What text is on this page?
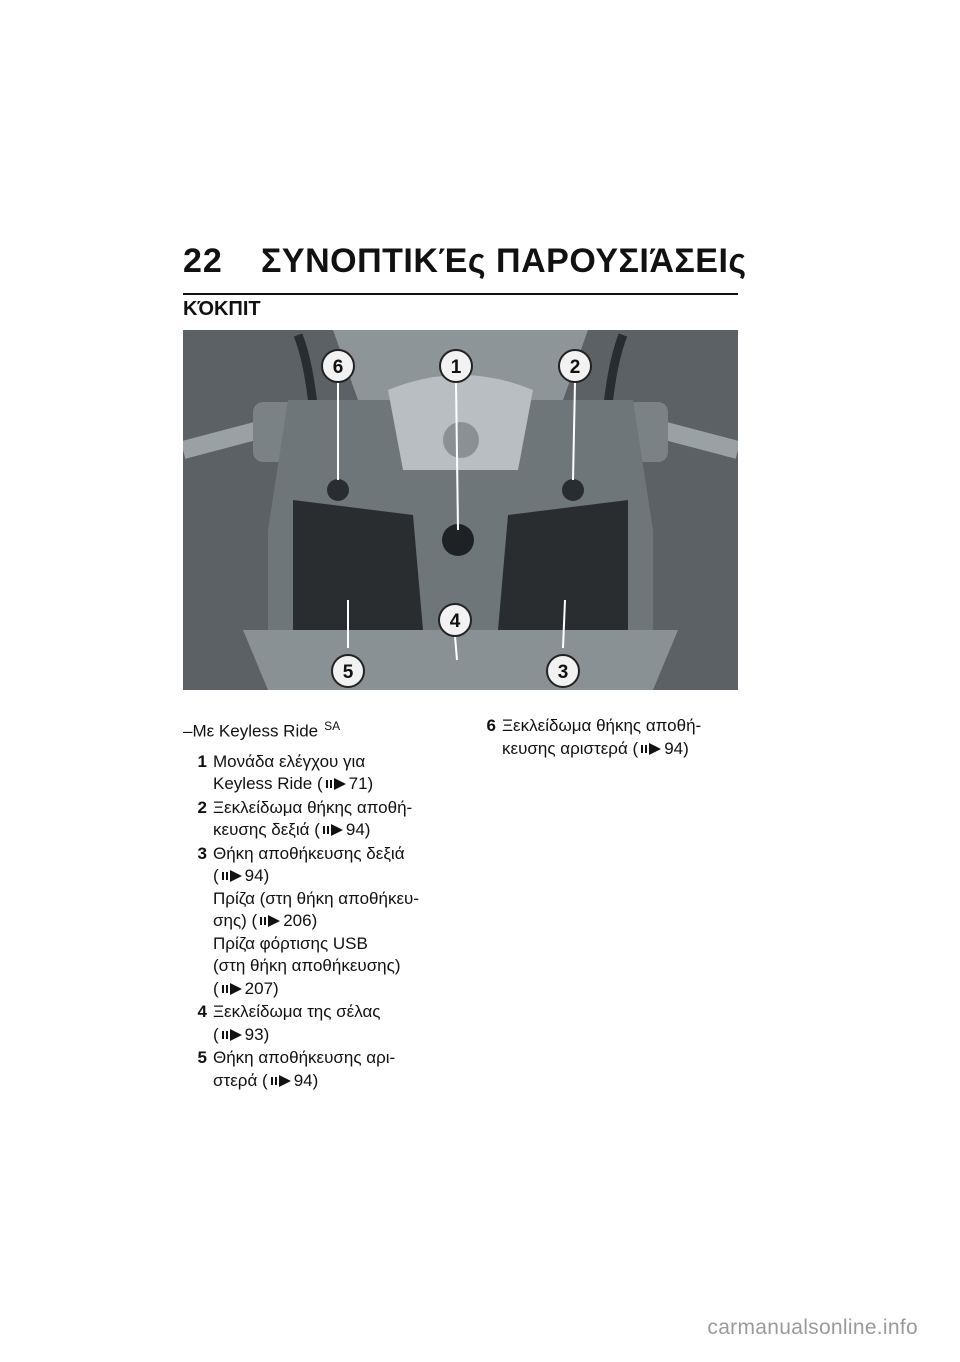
22 ΣΥΝΟΠΤΙΚΈς ΠΑΡΟΥΣΙΆΣΕΙς
ΚΌΚΠΙΤ
1	2
3
4
5
6
–Με Keyless Ride $^{SA}$
1 Μονάδα ελέγχου για
Keyless Ride ( 71)
2 Ξεκλείδωμα θήκης αποθή-
κευσης δεξιά ( 94)
3 Θήκη αποθήκευσης δεξιά
( 94)
Πρίζα (στη θήκη αποθήκευ-
σης) ( 206)
Πρίζα φόρτισης USB
(στη θήκη αποθήκευσης)
( 207)
4 Ξεκλείδωμα της σέλας
( 93)
5 Θήκη αποθήκευσης αρι-
στερά ( 94)
6 Ξεκλείδωμα θήκης αποθή-
κευσης αριστερά ( 94)
carmanualsonline.info
